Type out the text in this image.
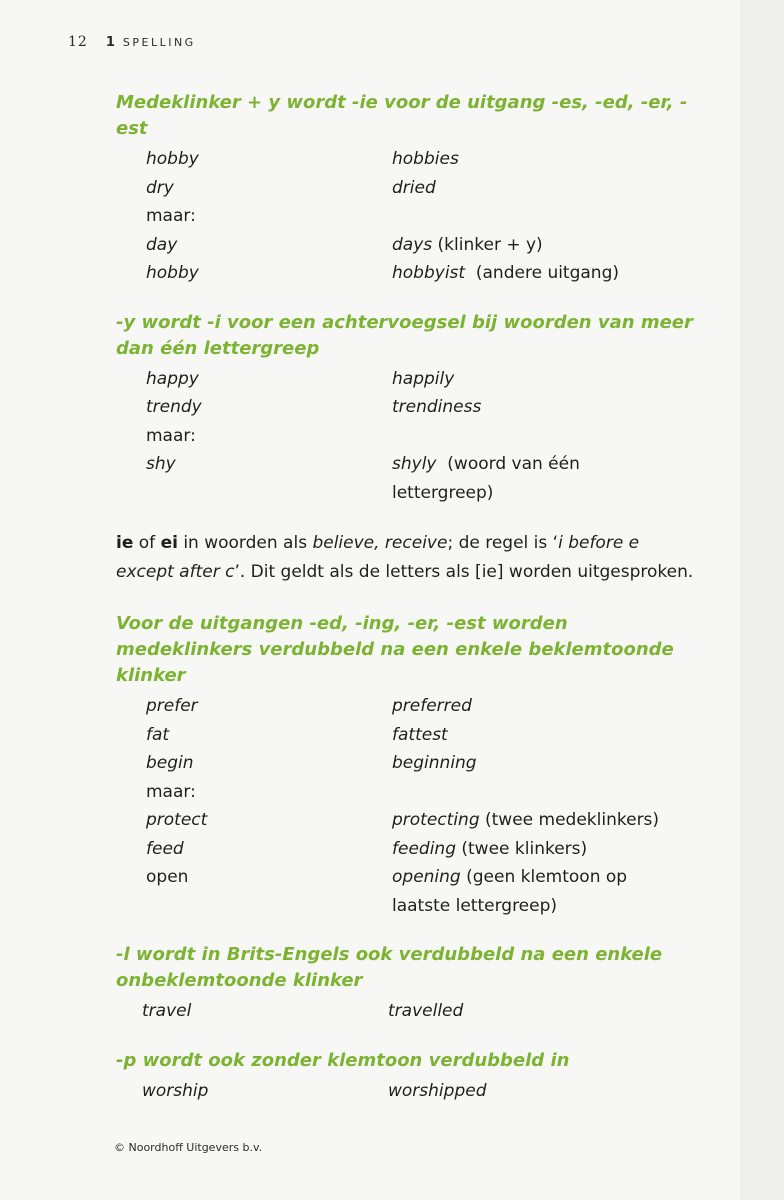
12 1 SPELLING

Medeklinker + y wordt -ie voor de uitgang -es, -ed, -er, -est

hobby	hobbies
dry	dried
maar:
day	days (klinker + y)
hobby	hobbyist  (andere uitgang)

-y wordt -i voor een achtervoegsel bij woorden van meer dan één lettergreep

happy	happily
trendy	trendiness
maar:
shy	shyly  (woord van één
lettergreep)

ie of ei in woorden als believe, receive; de regel is ‘i before e except after c’. Dit geldt als de letters als [ie] worden uitgesproken.

Voor de uitgangen -ed, -ing, -er, -est worden medeklinkers verdubbeld na een enkele beklemtoonde klinker

prefer	preferred
fat	fattest
begin	beginning
maar:
protect	protecting (twee medeklinkers)
feed	feeding (twee klinkers)
open	opening (geen klemtoon op
laatste lettergreep)

-l wordt in Brits-Engels ook verdubbeld na een enkele onbeklemtoonde klinker

travel	travelled

-p wordt ook zonder klemtoon verdubbeld in

worship	worshipped
© Noordhoff Uitgevers b.v.
